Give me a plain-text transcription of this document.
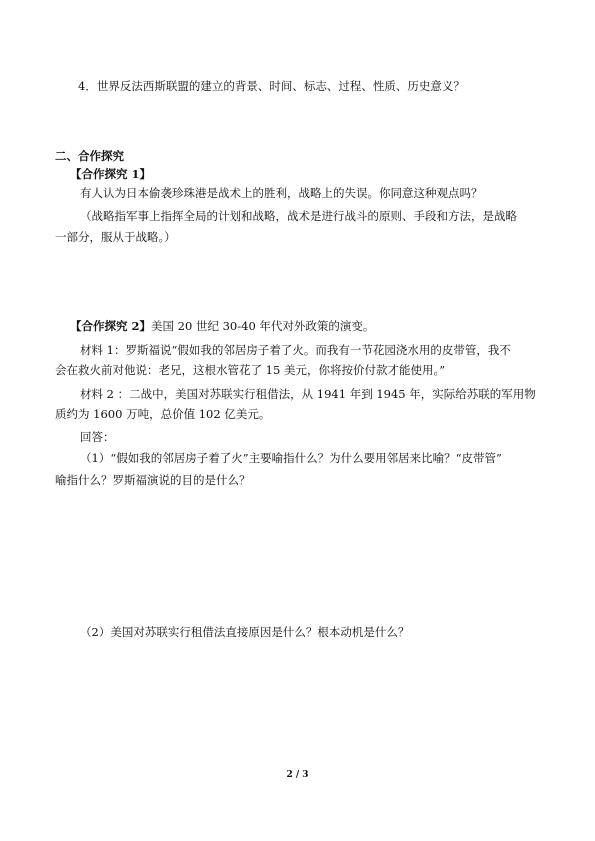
4．世界反法西斯联盟的建立的背景、时间、标志、过程、性质、历史意义？
二、合作探究
【合作探究 1】
有人认为日本偷袭珍珠港是战术上的胜利，战略上的失误。你同意这种观点吗？
（战略指军事上指挥全局的计划和战略，战术是进行战斗的原则、手段和方法，是战略
一部分，服从于战略。）
【合作探究 2】美国 20 世纪 30-40 年代对外政策的演变。
材料 1：罗斯福说“假如我的邻居房子着了火。而我有一节花园浇水用的皮带管，我不
会在救火前对他说：老兄，这根水管花了 15 美元，你将按价付款才能使用。”
材料 2 ：二战中，美国对苏联实行租借法，从 1941 年到 1945 年，实际给苏联的军用物
质约为 1600 万吨，总价值 102 亿美元。
回答：
（1）“假如我的邻居房子着了火”主要喻指什么？为什么要用邻居来比喻？“皮带管”
喻指什么？罗斯福演说的目的是什么？
（2）美国对苏联实行租借法直接原因是什么？根本动机是什么？
2 / 3
